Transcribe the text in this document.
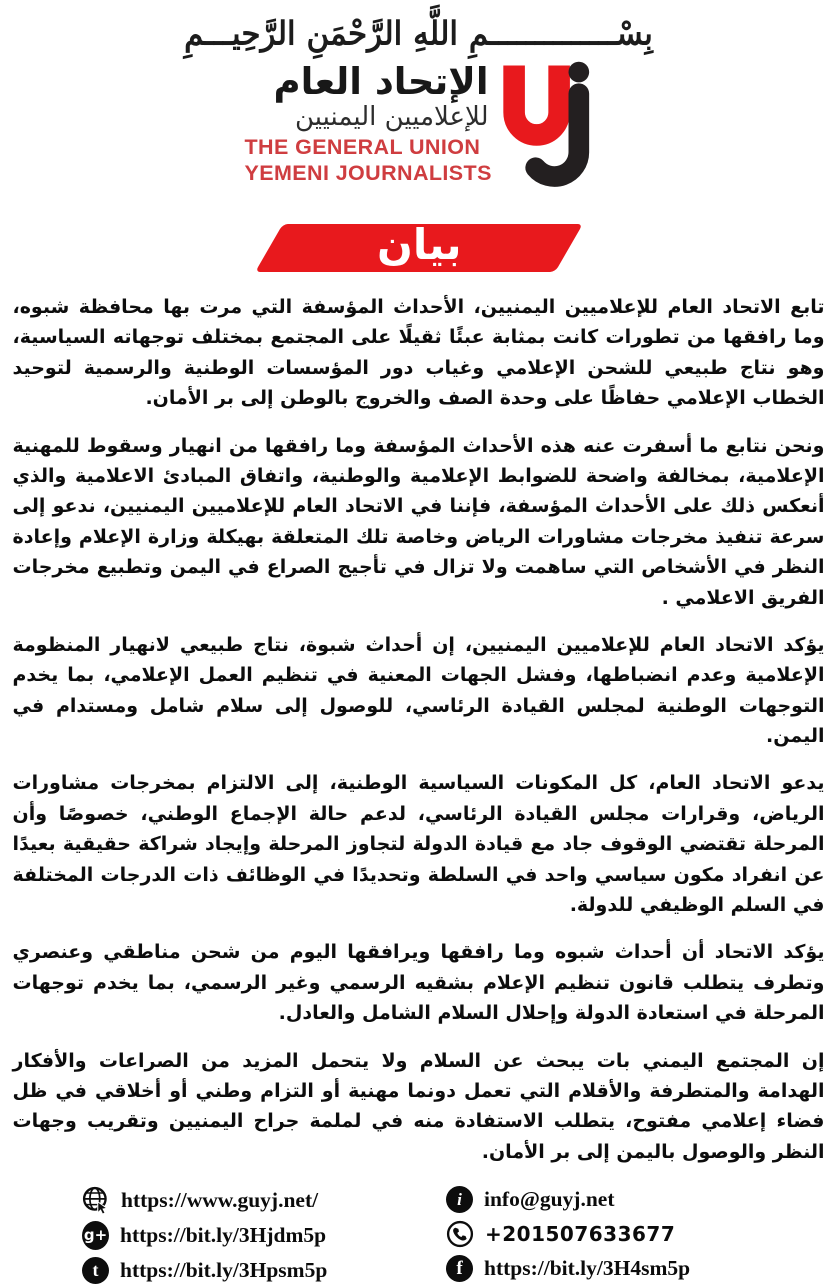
بِسْــــــــــــــمِ اللَّهِ الرَّحْمَنِ الرَّحِيـــمِ
الإتحاد العام
للإعلاميين اليمنيين
THE GENERAL UNION
YEMENI JOURNALISTS
بيان

تابع الاتحاد العام للإعلاميين اليمنيين، الأحداث المؤسفة التي مرت بها محافظة شبوه، وما رافقها من تطورات كانت بمثابة عبئًا ثقيلًا على المجتمع بمختلف توجهاته السياسية، وهو نتاج طبيعي للشحن الإعلامي وغياب دور المؤسسات الوطنية والرسمية لتوحيد الخطاب الإعلامي حفاظًا على وحدة الصف والخروج بالوطن إلى بر الأمان.

ونحن نتابع ما أسفرت عنه هذه الأحداث المؤسفة وما رافقها من انهيار وسقوط للمهنية الإعلامية، بمخالفة واضحة للضوابط الإعلامية والوطنية، واتفاق المبادئ الاعلامية والذي أنعكس ذلك على الأحداث المؤسفة، فإننا في الاتحاد العام للإعلاميين اليمنيين، ندعو إلى سرعة تنفيذ مخرجات مشاورات الرياض وخاصة تلك المتعلقة بهيكلة وزارة الإعلام وإعادة النظر في الأشخاص التي ساهمت ولا تزال في تأجيج الصراع في اليمن وتطبيع مخرجات الفريق الاعلامي .

يؤكد الاتحاد العام للإعلاميين اليمنيين، إن أحداث شبوة، نتاج طبيعي لانهيار المنظومة الإعلامية وعدم انضباطها، وفشل الجهات المعنية في تنظيم العمل الإعلامي، بما يخدم التوجهات الوطنية لمجلس القيادة الرئاسي، للوصول إلى سلام شامل ومستدام في اليمن.

يدعو الاتحاد العام، كل المكونات السياسية الوطنية، إلى الالتزام بمخرجات مشاورات الرياض، وقرارات مجلس القيادة الرئاسي، لدعم حالة الإجماع الوطني، خصوصًا وأن المرحلة تقتضي الوقوف جاد مع قيادة الدولة لتجاوز المرحلة وإيجاد شراكة حقيقية بعيدًا عن انفراد مكون سياسي واحد في السلطة وتحديدًا في الوظائف ذات الدرجات المختلفة في السلم الوظيفي للدولة.

يؤكد الاتحاد أن أحداث شبوه وما رافقها ويرافقها اليوم من شحن مناطقي وعنصري وتطرف يتطلب قانون تنظيم الإعلام بشقيه الرسمي وغير الرسمي، بما يخدم توجهات المرحلة في استعادة الدولة وإحلال السلام الشامل والعادل.

إن المجتمع اليمني بات يبحث عن السلام ولا يتحمل المزيد من الصراعات والأفكار الهدامة والمتطرفة والأقلام التي تعمل دونما مهنية أو التزام وطني أو أخلاقي في ظل فضاء إعلامي مفتوح، يتطلب الاستفادة منه في لملمة جراح اليمنيين وتقريب وجهات النظر والوصول باليمن إلى بر الأمان.

https://www.guyj.net/
g+ https://bit.ly/3Hjdm5p
t	https://bit.ly/3Hpsm5p
i	info@guyj.net
+201507633677
f https://bit.ly/3H4sm5p
